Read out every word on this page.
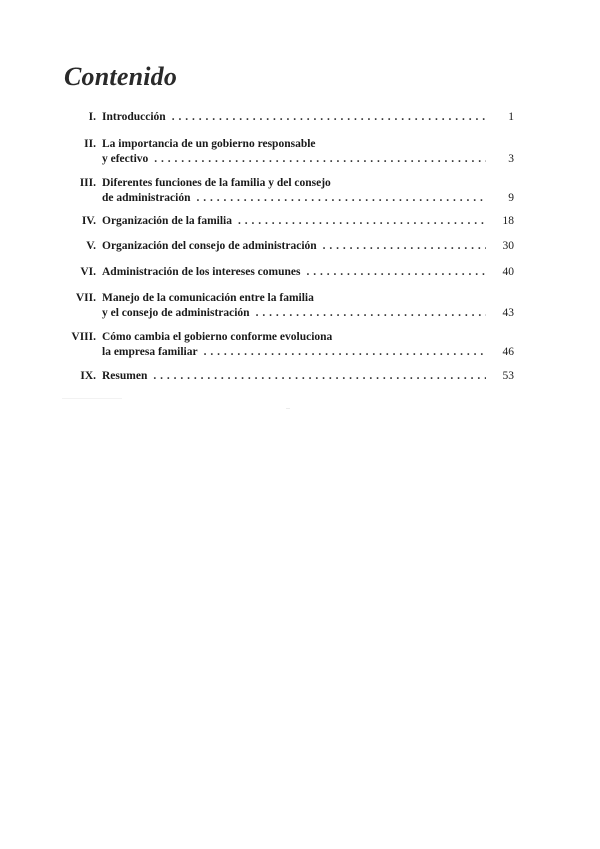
Contenido
I. Introducción . . .	1
II. La importancia de un gobierno responsable
y efectivo . . .	3
III. Diferentes funciones de la familia y del consejo
de administración . . .	9
IV. Organización de la familia . . .	18
V. Organización del consejo de administración . . .	30
VI. Administración de los intereses comunes . . .	40
VII. Manejo de la comunicación entre la familia
y el consejo de administración . . .	43
VIII. Cómo cambia el gobierno conforme evoluciona
la empresa familiar . . .	46
IX. Resumen . . .	53
